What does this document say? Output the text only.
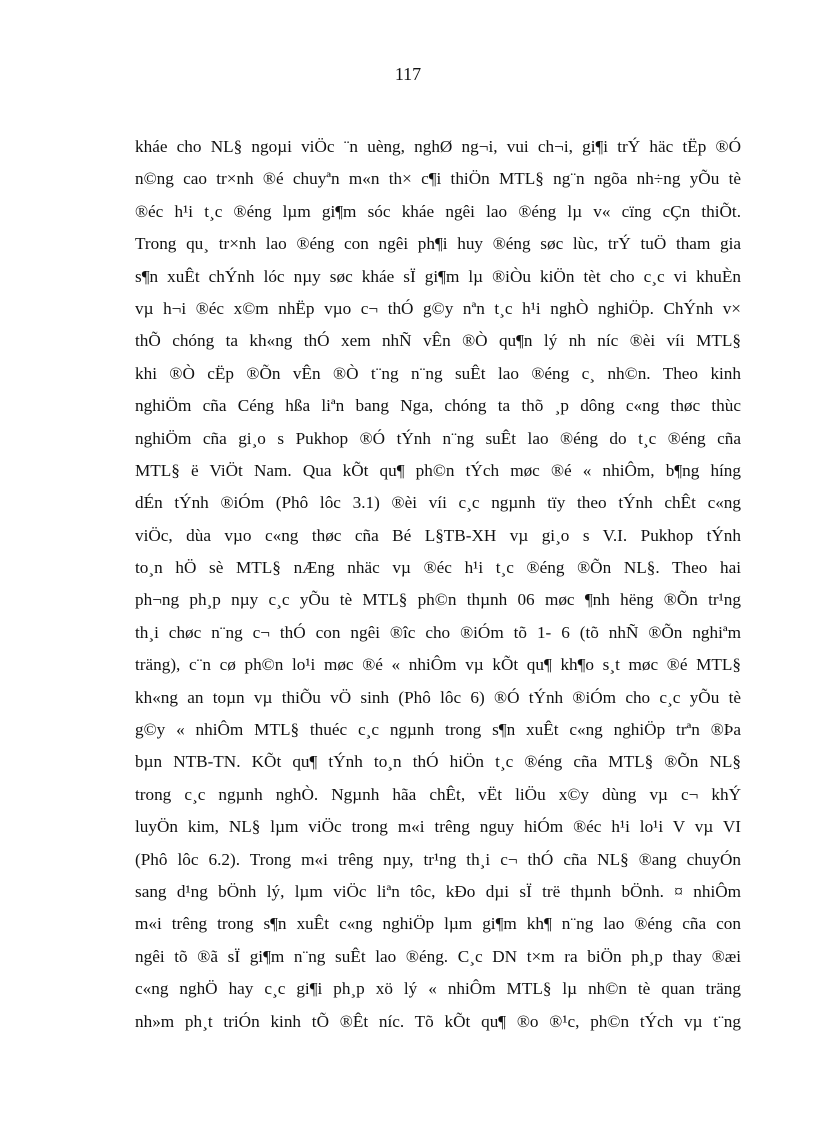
117
kháe cho NL§ ngoµi viÖc ¨n uèng, nghØ ng¬i, vui ch¬i, gi¶i trÝ häc tËp ®Ó
n©ng cao tr×nh ®é chuyªn m«n th× c¶i thiÖn MTL§ ng¨n ngõa nh÷ng yÕu tè
®éc h¹i t¸c ®éng lµm gi¶m sóc kháe ngêi lao ®éng lµ v« cïng cÇn thiÕt.
Trong qu¸ tr×nh lao ®éng con ngêi ph¶i huy ®éng søc lùc, trÝ tuÖ tham gia
s¶n xuÊt chÝnh lóc nµy søc kháe sÏ gi¶m lµ ®iÒu kiÖn tèt cho c¸c vi khuÈn
vµ h¬i ®éc x©m nhËp vµo c¬ thÓ g©y nªn t¸c h¹i nghÒ nghiÖp. ChÝnh v×
thÕ chóng ta kh«ng thÓ xem nhÑ vÊn ®Ò qu¶n lý nh níc ®èi víi MTL§
khi ®Ò cËp ®Õn vÊn ®Ò t¨ng n¨ng suÊt lao ®éng c¸ nh©n. Theo kinh
nghiÖm cña Céng hßa liªn bang Nga, chóng ta thõ ¸p dông c«ng thøc thùc
nghiÖm cña gi¸o s Pukhop ®Ó tÝnh n¨ng suÊt lao ®éng do t¸c ®éng cña
MTL§ ë ViÖt Nam. Qua kÕt qu¶ ph©n tÝch møc ®é « nhiÔm, b¶ng híng
dÉn tÝnh ®iÓm (Phô lôc 3.1) ®èi víi c¸c ngµnh tïy theo tÝnh chÊt c«ng
viÖc, dùa vµo c«ng thøc cña Bé L§TB-XH vµ gi¸o s V.I. Pukhop tÝnh
to¸n hÖ sè MTL§ nÆng nhäc vµ ®éc h¹i t¸c ®éng ®Õn NL§. Theo hai
ph¬ng ph¸p nµy c¸c yÕu tè MTL§ ph©n thµnh 06 møc ¶nh hëng ®Õn tr¹ng
th¸i chøc n¨ng c¬ thÓ con ngêi ®îc cho ®iÓm tõ 1- 6 (tõ nhÑ ®Õn nghiªm
träng), c¨n cø ph©n lo¹i møc ®é « nhiÔm vµ kÕt qu¶ kh¶o s¸t møc ®é MTL§
kh«ng an toµn vµ thiÕu vÖ sinh (Phô lôc 6) ®Ó tÝnh ®iÓm cho c¸c yÕu tè
g©y « nhiÔm MTL§ thuéc c¸c ngµnh trong s¶n xuÊt c«ng nghiÖp trªn ®Þa
bµn NTB-TN. KÕt qu¶ tÝnh to¸n thÓ hiÖn t¸c ®éng cña MTL§ ®Õn NL§
trong c¸c ngµnh nghÒ. Ngµnh hãa chÊt, vËt liÖu x©y dùng vµ c¬ khÝ
luyÖn kim, NL§ lµm viÖc trong m«i trêng nguy hiÓm ®éc h¹i lo¹i V vµ VI
(Phô lôc 6.2). Trong m«i trêng nµy, tr¹ng th¸i c¬ thÓ cña NL§ ®ang chuyÓn
sang d¹ng bÖnh lý, lµm viÖc liªn tôc, kÐo dµi sÏ trë thµnh bÖnh. ¤ nhiÔm
m«i trêng trong s¶n xuÊt c«ng nghiÖp lµm gi¶m kh¶ n¨ng lao ®éng cña con
ngêi tõ ®ã sÏ gi¶m n¨ng suÊt lao ®éng. C¸c DN t×m ra biÖn ph¸p thay ®æi
c«ng nghÖ hay c¸c gi¶i ph¸p xö lý « nhiÔm MTL§ lµ nh©n tè quan träng
nh»m ph¸t triÓn kinh tÕ ®Êt níc. Tõ kÕt qu¶ ®o ®¹c, ph©n tÝch vµ t¨ng
